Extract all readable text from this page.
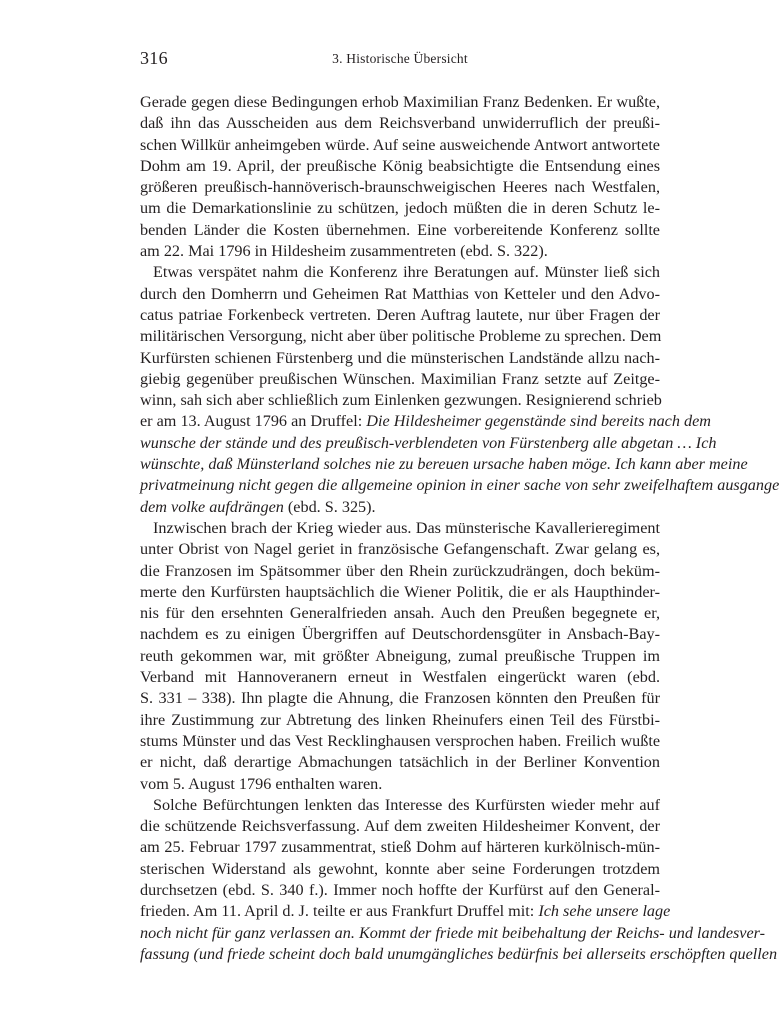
316	3. Historische Übersicht
Gerade gegen diese Bedingungen erhob Maximilian Franz Bedenken. Er wußte,
daß ihn das Ausscheiden aus dem Reichsverband unwiderruflich der preußi-
schen Willkür anheimgeben würde. Auf seine ausweichende Antwort antwortete
Dohm am 19. April, der preußische König beabsichtigte die Entsendung eines
größeren preußisch-hannöverisch-braunschweigischen Heeres nach Westfalen,
um die Demarkationslinie zu schützen, jedoch müßten die in deren Schutz le-
benden Länder die Kosten übernehmen. Eine vorbereitende Konferenz sollte
am 22. Mai 1796 in Hildesheim zusammentreten (ebd. S. 322).
Etwas verspätet nahm die Konferenz ihre Beratungen auf. Münster ließ sich
durch den Domherrn und Geheimen Rat Matthias von Ketteler und den Advo-
catus patriae Forkenbeck vertreten. Deren Auftrag lautete, nur über Fragen der
militärischen Versorgung, nicht aber über politische Probleme zu sprechen. Dem
Kurfürsten schienen Fürstenberg und die münsterischen Landstände allzu nach-
giebig gegenüber preußischen Wünschen. Maximilian Franz setzte auf Zeitge-
winn, sah sich aber schließlich zum Einlenken gezwungen. Resignierend schrieb
er am 13. August 1796 an Druffel: Die Hildesheimer gegenstände sind bereits nach dem
wunsche der stände und des preußisch-verblendeten von Fürstenberg alle abgetan … Ich
wünschte, daß Münsterland solches nie zu bereuen ursache haben möge. Ich kann aber meine
privatmeinung nicht gegen die allgemeine opinion in einer sache von sehr zweifelhaftem ausgange
dem volke aufdrängen (ebd. S. 325).
Inzwischen brach der Krieg wieder aus. Das münsterische Kavallerieregiment
unter Obrist von Nagel geriet in französische Gefangenschaft. Zwar gelang es,
die Franzosen im Spätsommer über den Rhein zurückzudrängen, doch beküm-
merte den Kurfürsten hauptsächlich die Wiener Politik, die er als Haupthinder-
nis für den ersehnten Generalfrieden ansah. Auch den Preußen begegnete er,
nachdem es zu einigen Übergriffen auf Deutschordensgüter in Ansbach-Bay-
reuth gekommen war, mit größter Abneigung, zumal preußische Truppen im
Verband mit Hannoveranern erneut in Westfalen eingerückt waren (ebd.
S. 331 – 338). Ihn plagte die Ahnung, die Franzosen könnten den Preußen für
ihre Zustimmung zur Abtretung des linken Rheinufers einen Teil des Fürstbi-
stums Münster und das Vest Recklinghausen versprochen haben. Freilich wußte
er nicht, daß derartige Abmachungen tatsächlich in der Berliner Konvention
vom 5. August 1796 enthalten waren.
Solche Befürchtungen lenkten das Interesse des Kurfürsten wieder mehr auf
die schützende Reichsverfassung. Auf dem zweiten Hildesheimer Konvent, der
am 25. Februar 1797 zusammentrat, stieß Dohm auf härteren kurkölnisch-mün-
sterischen Widerstand als gewohnt, konnte aber seine Forderungen trotzdem
durchsetzen (ebd. S. 340 f.). Immer noch hoffte der Kurfürst auf den General-
frieden. Am 11. April d. J. teilte er aus Frankfurt Druffel mit: Ich sehe unsere lage
noch nicht für ganz verlassen an. Kommt der friede mit beibehaltung der Reichs- und landesver-
fassung (und friede scheint doch bald unumgängliches bedürfnis bei allerseits erschöpften quellen
